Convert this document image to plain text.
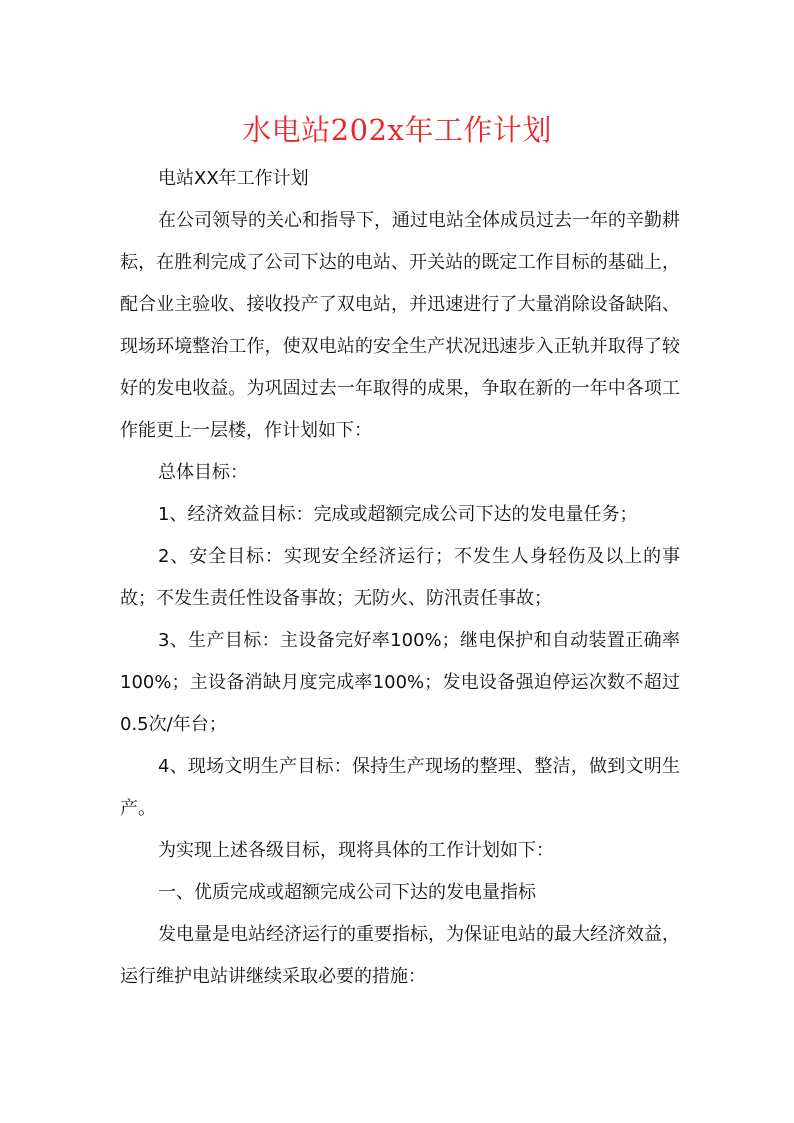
水电站202x年工作计划

电站XX年工作计划

在公司领导的关心和指导下，通过电站全体成员过去一年的辛勤耕耘，在胜利完成了公司下达的电站、开关站的既定工作目标的基础上，配合业主验收、接收投产了双电站，并迅速进行了大量消除设备缺陷、现场环境整治工作，使双电站的安全生产状况迅速步入正轨并取得了较好的发电收益。为巩固过去一年取得的成果，争取在新的一年中各项工作能更上一层楼，作计划如下：

总体目标：

1、经济效益目标：完成或超额完成公司下达的发电量任务；

2、安全目标：实现安全经济运行；不发生人身轻伤及以上的事故；不发生责任性设备事故；无防火、防汛责任事故；

3、生产目标：主设备完好率100%；继电保护和自动装置正确率100%；主设备消缺月度完成率100%；发电设备强迫停运次数不超过0.5次/年台；

4、现场文明生产目标：保持生产现场的整理、整洁，做到文明生产。

为实现上述各级目标，现将具体的工作计划如下：

一、优质完成或超额完成公司下达的发电量指标

发电量是电站经济运行的重要指标，为保证电站的最大经济效益，运行维护电站讲继续采取必要的措施：
